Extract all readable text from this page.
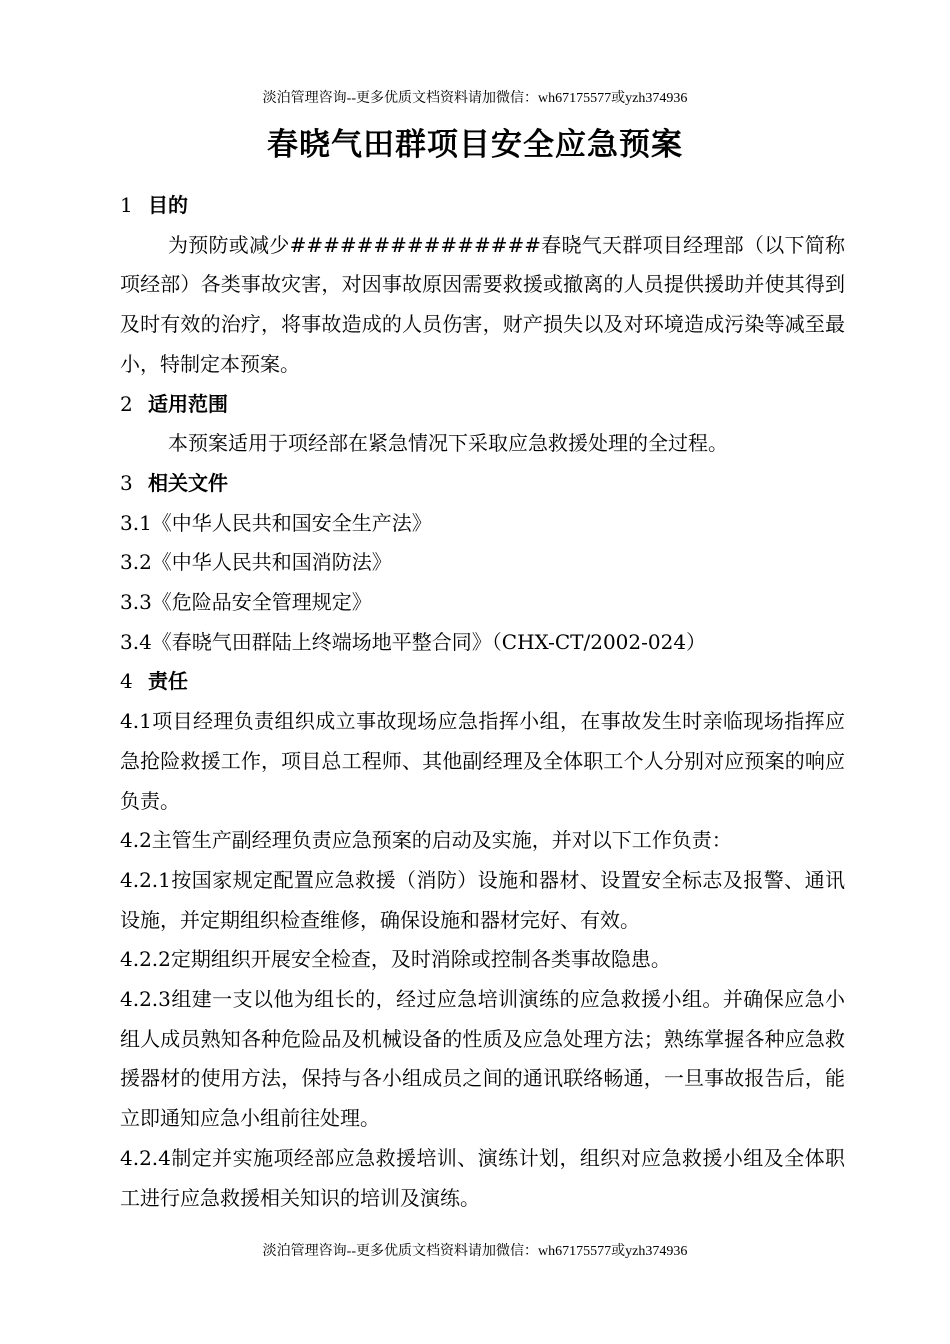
淡泊管理咨询--更多优质文档资料请加微信：wh67175577或yzh374936
春晓气田群项目安全应急预案

1 目的

为预防或减少###############春晓气天群项目经理部（以下简称项经部）各类事故灾害，对因事故原因需要救援或撤离的人员提供援助并使其得到及时有效的治疗，将事故造成的人员伤害，财产损失以及对环境造成污染等减至最小，特制定本预案。

2 适用范围

本预案适用于项经部在紧急情况下采取应急救援处理的全过程。

3 相关文件

3.1《中华人民共和国安全生产法》

3.2《中华人民共和国消防法》

3.3《危险品安全管理规定》

3.4《春晓气田群陆上终端场地平整合同》（CHX-CT/2002-024）

4 责任

4.1项目经理负责组织成立事故现场应急指挥小组，在事故发生时亲临现场指挥应急抢险救援工作，项目总工程师、其他副经理及全体职工个人分别对应预案的响应负责。

4.2主管生产副经理负责应急预案的启动及实施，并对以下工作负责：

4.2.1按国家规定配置应急救援（消防）设施和器材、设置安全标志及报警、通讯设施，并定期组织检查维修，确保设施和器材完好、有效。

4.2.2定期组织开展安全检查，及时消除或控制各类事故隐患。

4.2.3组建一支以他为组长的，经过应急培训演练的应急救援小组。并确保应急小组人成员熟知各种危险品及机械设备的性质及应急处理方法；熟练掌握各种应急救援器材的使用方法，保持与各小组成员之间的通讯联络畅通，一旦事故报告后，能立即通知应急小组前往处理。

4.2.4制定并实施项经部应急救援培训、演练计划，组织对应急救援小组及全体职工进行应急救援相关知识的培训及演练。

淡泊管理咨询--更多优质文档资料请加微信：wh67175577或yzh374936
